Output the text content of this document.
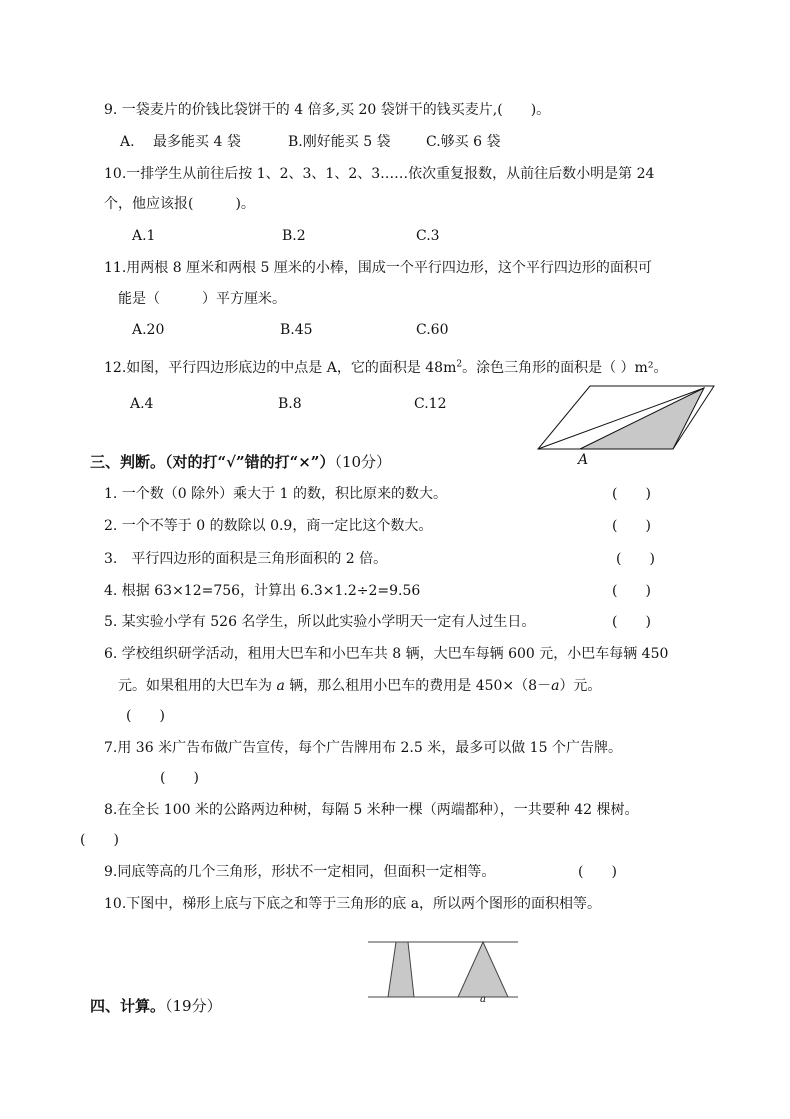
9. 一袋麦片的价钱比袋饼干的 4 倍多,买 20 袋饼干的钱买麦片,(　　)。
A.　 最多能买 4 袋	B.刚好能买 5 袋	C.够买 6 袋
10.一排学生从前往后按 1、2、3、1、2、3……依次重复报数，从前往后数小明是第 24
个，他应该报(　　　)。
A.1	B.2	C.3
11.用两根 8 厘米和两根 5 厘米的小棒，围成一个平行四边形，这个平行四边形的面积可
能是（　　　）平方厘米。
A.20	B.45	C.60
12.如图，平行四边形底边的中点是 A，它的面积是 $48m^2$。涂色三角形的面积是（ ）m²。
A.4	B.8	C.12
A
三、判断。（对的打“√”错的打“×”）（10分）
1. 一个数（0 除外）乘大于 1 的数，积比原来的数大。	(　　)
2. 一个不等于 0 的数除以 0.9，商一定比这个数大。	(　　)
3.　平行四边形的面积是三角形面积的 2 倍。	(　　)
4. 根据 63×12=756，计算出 6.3×1.2÷2=9.56	(　　)
5. 某实验小学有 526 名学生，所以此实验小学明天一定有人过生日。	(　　)
6. 学校组织研学活动，租用大巴车和小巴车共 8 辆，大巴车每辆 600 元，小巴车每辆 450
元。如果租用的大巴车为 a 辆，那么租用小巴车的费用是 450×（8－a）元。
(　　)
7.用 36 米广告布做广告宣传，每个广告牌用布 2.5 米，最多可以做 15 个广告牌。
(　　)
8.在全长 100 米的公路两边种树，每隔 5 米种一棵（两端都种），一共要种 42 棵树。
(　　)
9.同底等高的几个三角形，形状不一定相同，但面积一定相等。	(　　)
10.下图中，梯形上底与下底之和等于三角形的底 a，所以两个图形的面积相等。
a
四、计算。（19分）
